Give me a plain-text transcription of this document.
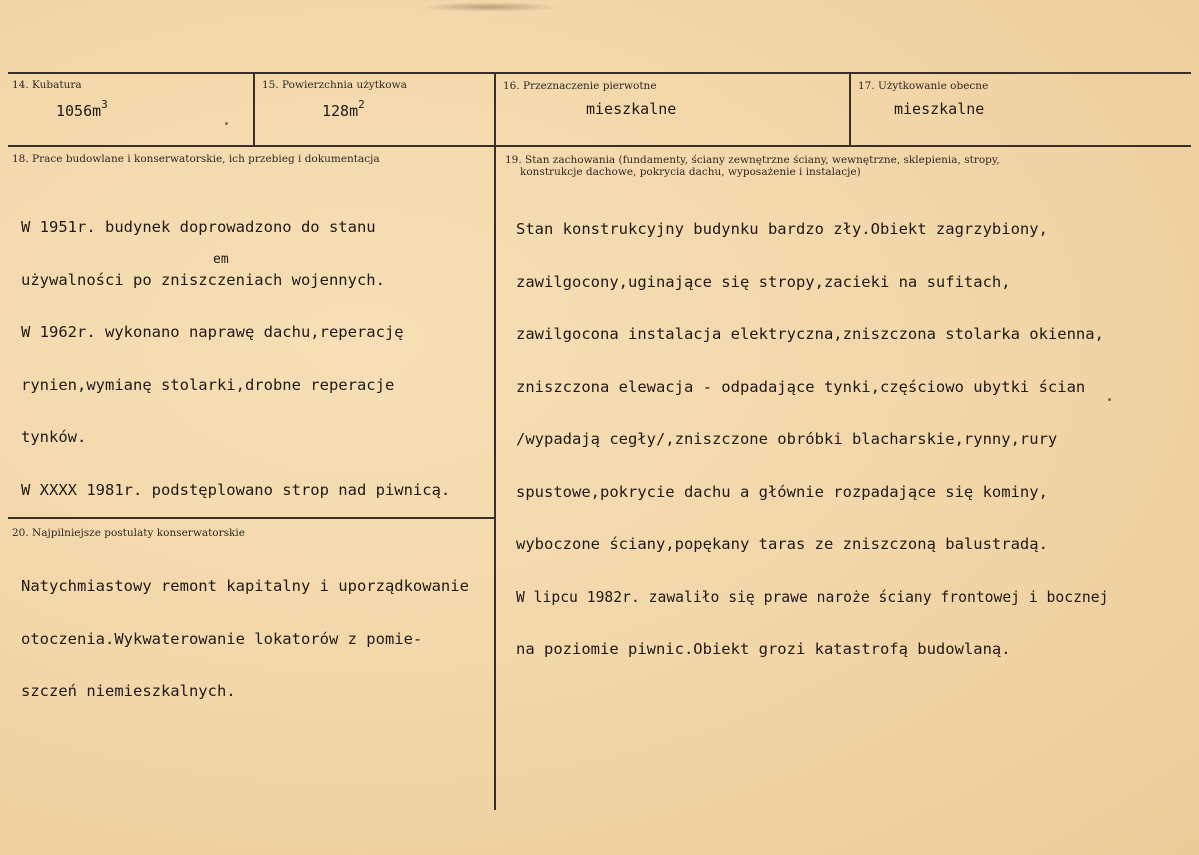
14. Kubatura
$1056m^3$
15. Powierzchnia użytkowa
$128m^2$
16. Przeznaczenie pierwotne
mieszkalne
17. Użytkowanie obecne
mieszkalne
18. Prace budowlane i konserwatorskie, ich przebieg i dokumentacja
em

W 1951r. budynek doprowadzono do stanu

używalności po zniszczeniach wojennych.

W 1962r. wykonano naprawę dachu,reperację

rynien,wymianę stolarki,drobne reperacje

tynków.

W XXXX 1981r. podstęplowano strop nad piwnicą.

19. Stan zachowania (fundamenty, ściany zewnętrzne ściany, wewnętrzne, sklepienia, stropy,
konstrukcje dachowe, pokrycia dachu, wyposażenie i instalacje)

Stan konstrukcyjny budynku bardzo zły.Obiekt zagrzybiony,

zawilgocony,uginające się stropy,zacieki na sufitach,

zawilgocona instalacja elektryczna,zniszczona stolarka okienna,

zniszczona elewacja - odpadające tynki,częściowo ubytki ścian

/wypadają cegły/,zniszczone obróbki blacharskie,rynny,rury

spustowe,pokrycie dachu a głównie rozpadające się kominy,

wyboczone ściany,popękany taras ze zniszczoną balustradą.

W lipcu 1982r. zawaliło się prawe naroże ściany frontowej i bocznej

na poziomie piwnic.Obiekt grozi katastrofą budowlaną.

20. Najpilniejsze postulaty konserwatorskie

Natychmiastowy remont kapitalny i uporządkowanie

otoczenia.Wykwaterowanie lokatorów z pomie-

szczeń niemieszkalnych.
